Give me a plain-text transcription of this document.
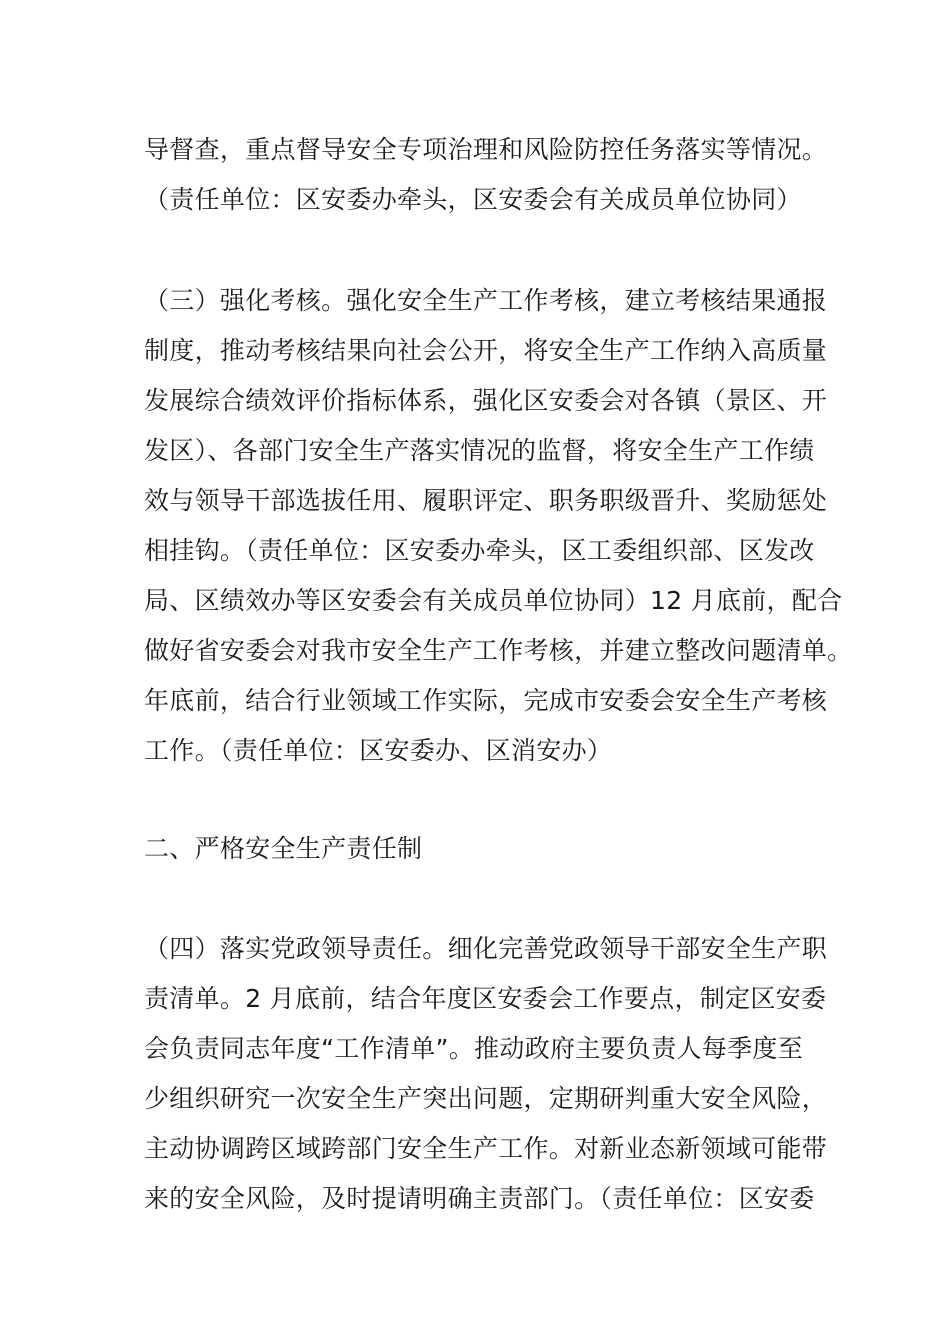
导督查，重点督导安全专项治理和风险防控任务落实等情况。
（责任单位：区安委办牵头，区安委会有关成员单位协同）
（三）强化考核。强化安全生产工作考核，建立考核结果通报
制度，推动考核结果向社会公开，将安全生产工作纳入高质量
发展综合绩效评价指标体系，强化区安委会对各镇（景区、开
发区）、各部门安全生产落实情况的监督，将安全生产工作绩
效与领导干部选拔任用、履职评定、职务职级晋升、奖励惩处
相挂钩。（责任单位：区安委办牵头，区工委组织部、区发改
局、区绩效办等区安委会有关成员单位协同）12 月底前，配合
做好省安委会对我市安全生产工作考核，并建立整改问题清单。
年底前，结合行业领域工作实际，完成市安委会安全生产考核
工作。（责任单位：区安委办、区消安办）
二、严格安全生产责任制
（四）落实党政领导责任。细化完善党政领导干部安全生产职
责清单。2 月底前，结合年度区安委会工作要点，制定区安委
会负责同志年度“工作清单”。推动政府主要负责人每季度至
少组织研究一次安全生产突出问题，定期研判重大安全风险，
主动协调跨区域跨部门安全生产工作。对新业态新领域可能带
来的安全风险，及时提请明确主责部门。（责任单位：区安委
